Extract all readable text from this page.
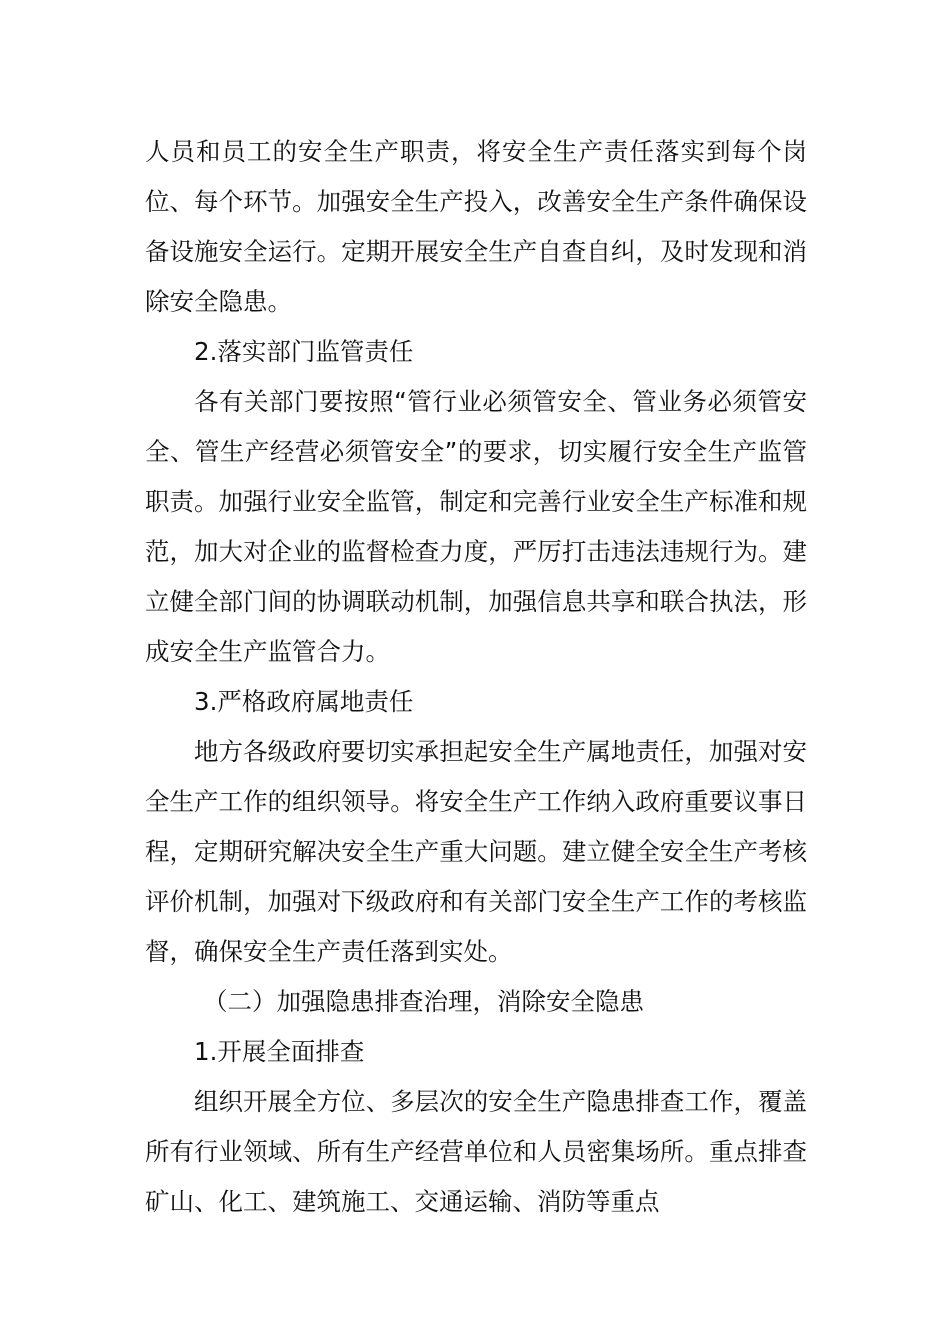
人员和员工的安全生产职责，将安全生产责任落实到每个岗位、每个环节。加强安全生产投入，改善安全生产条件确保设备设施安全运行。定期开展安全生产自查自纠，及时发现和消除安全隐患。

2.落实部门监管责任

各有关部门要按照“管行业必须管安全、管业务必须管安全、管生产经营必须管安全”的要求，切实履行安全生产监管职责。加强行业安全监管，制定和完善行业安全生产标准和规范，加大对企业的监督检查力度，严厉打击违法违规行为。建立健全部门间的协调联动机制，加强信息共享和联合执法，形成安全生产监管合力。

3.严格政府属地责任

地方各级政府要切实承担起安全生产属地责任，加强对安全生产工作的组织领导。将安全生产工作纳入政府重要议事日程，定期研究解决安全生产重大问题。建立健全安全生产考核评价机制，加强对下级政府和有关部门安全生产工作的考核监督，确保安全生产责任落到实处。

（二）加强隐患排查治理，消除安全隐患

1.开展全面排查

组织开展全方位、多层次的安全生产隐患排查工作，覆盖所有行业领域、所有生产经营单位和人员密集场所。重点排查矿山、化工、建筑施工、交通运输、消防等重点
